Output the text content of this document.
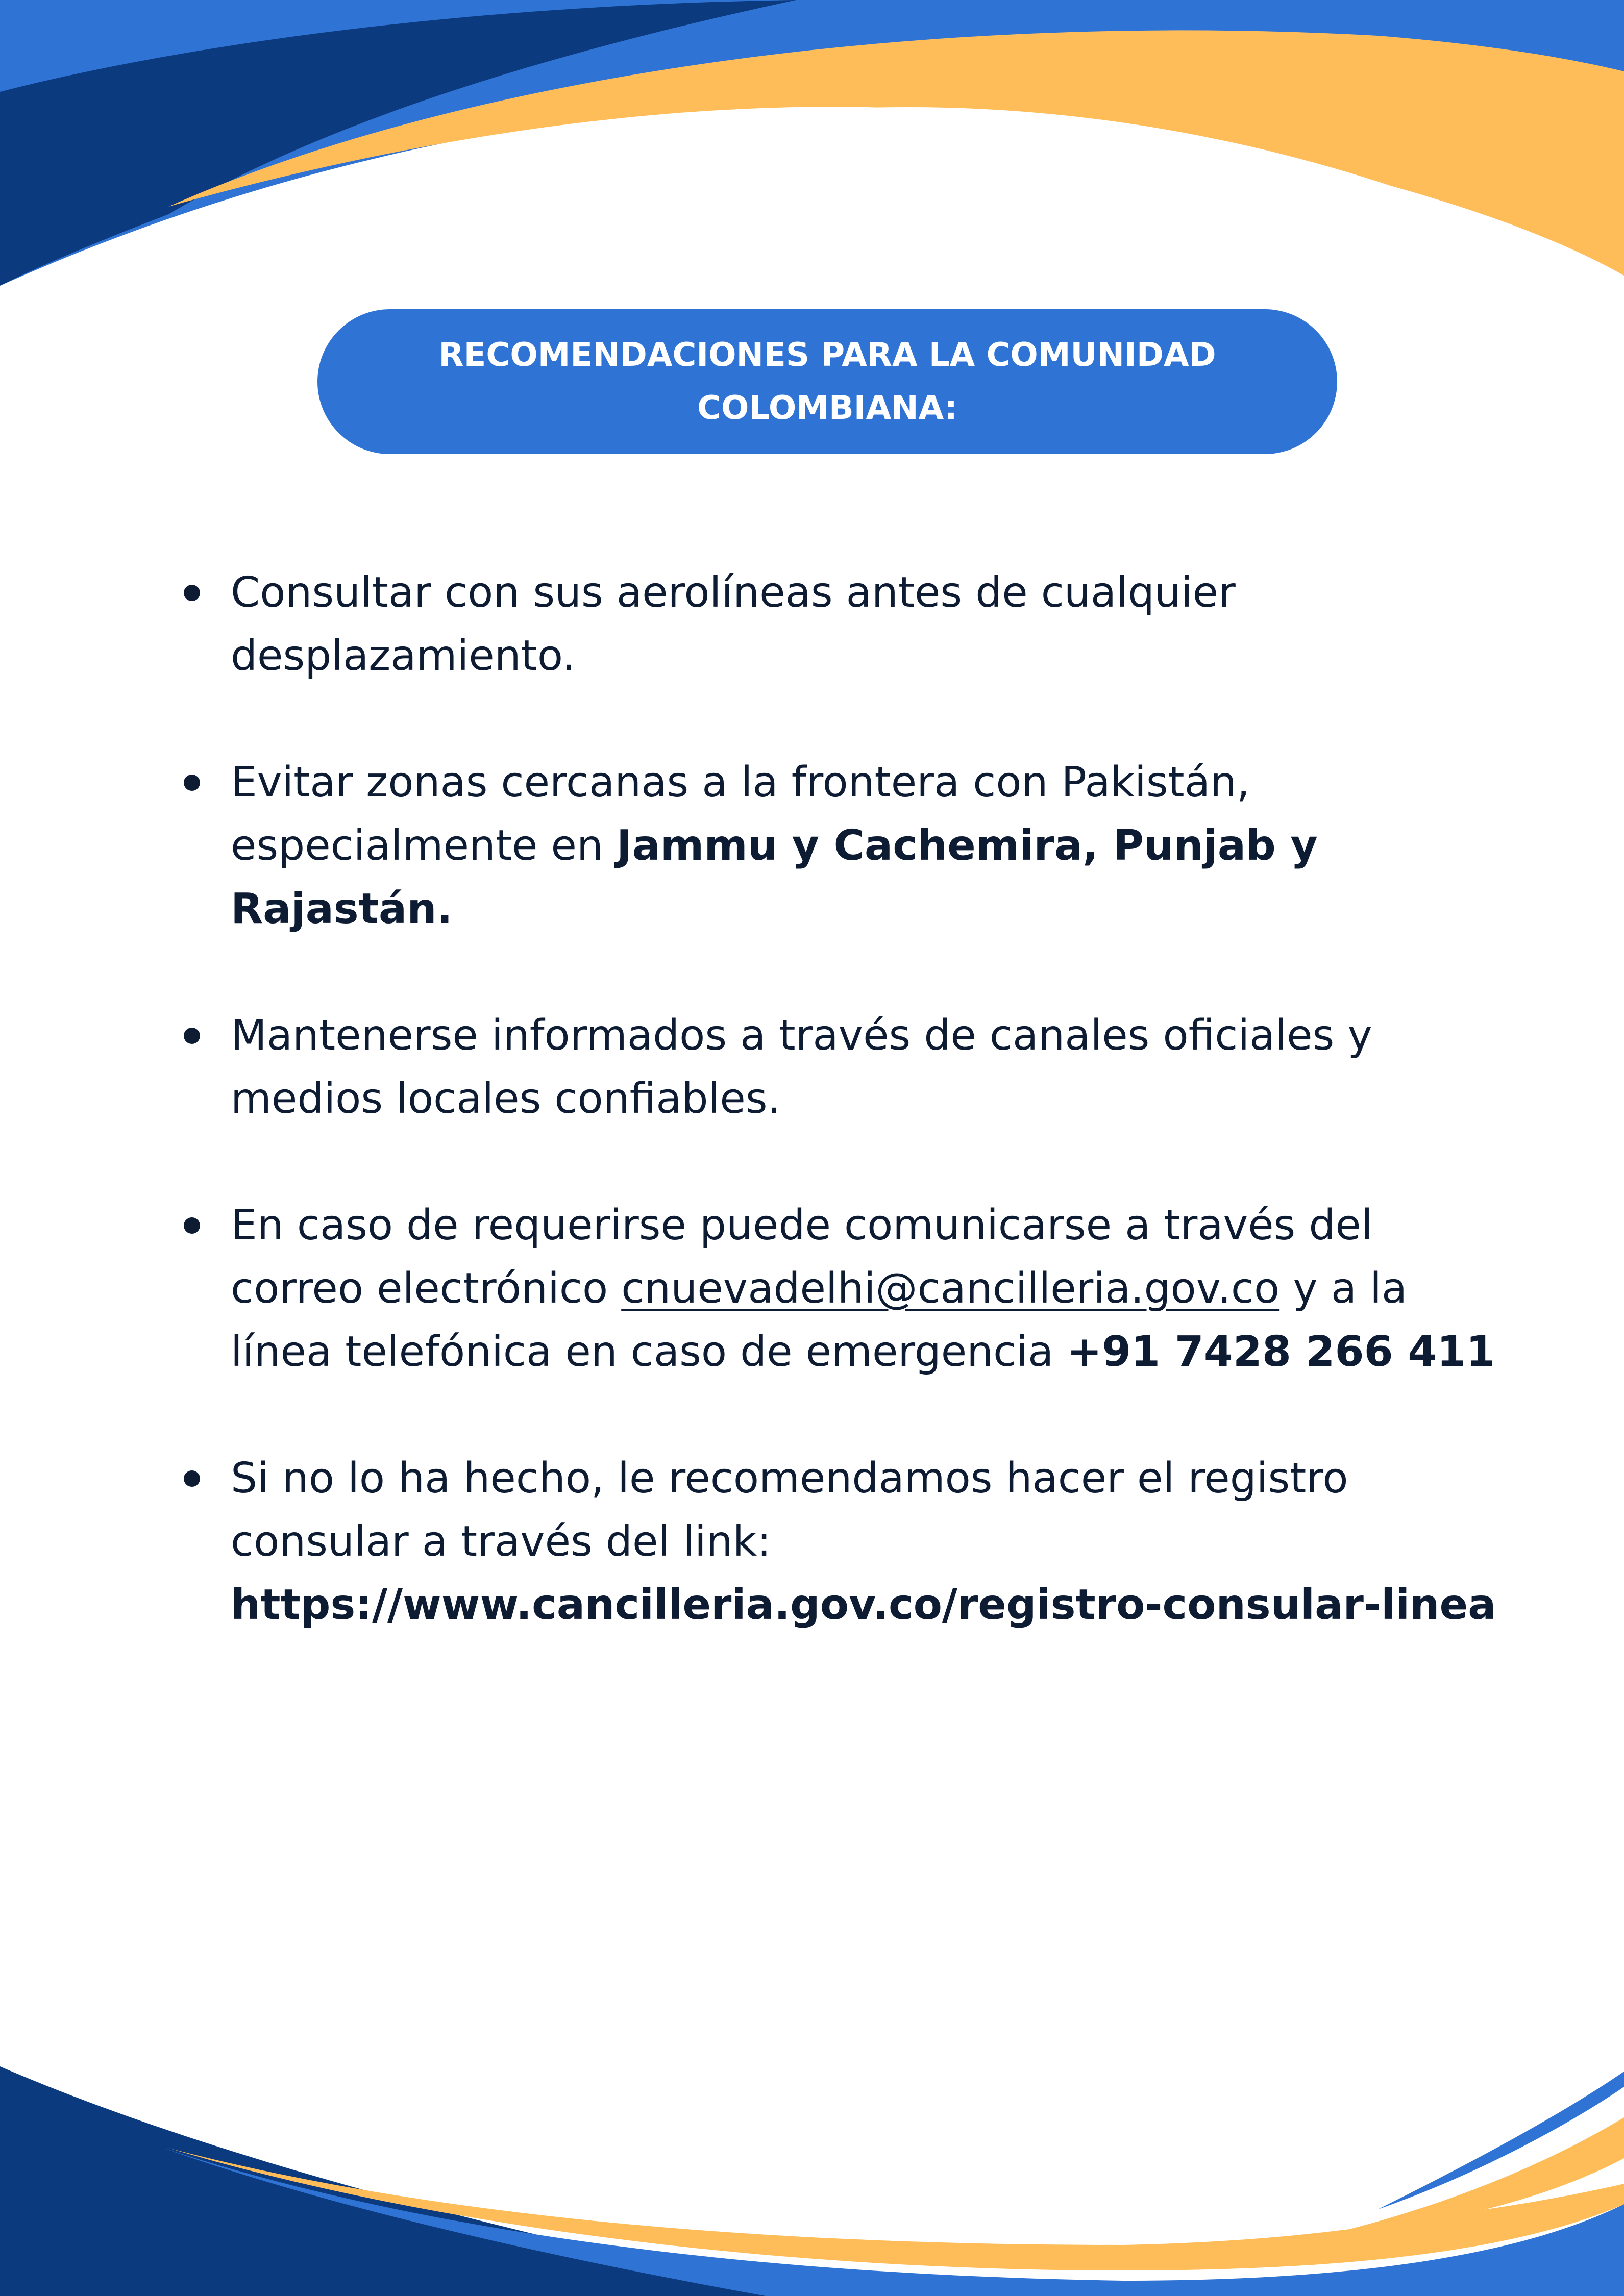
RECOMENDACIONES PARA LA COMUNIDAD
COLOMBIANA:
Consultar con sus aerolíneas antes de cualquier desplazamiento.
Evitar zonas cercanas a la frontera con Pakistán, especialmente en Jammu y Cachemira, Punjab y Rajastán.
Mantenerse informados a través de canales oficiales y medios locales confiables.
En caso de requerirse puede comunicarse a través del correo electrónico cnuevadelhi@cancilleria.gov.co y a la línea telefónica en caso de emergencia +91 7428 266 411
Si no lo ha hecho, le recomendamos hacer el registro consular a través del link: https://www.cancilleria.gov.co/registro-consular-linea
